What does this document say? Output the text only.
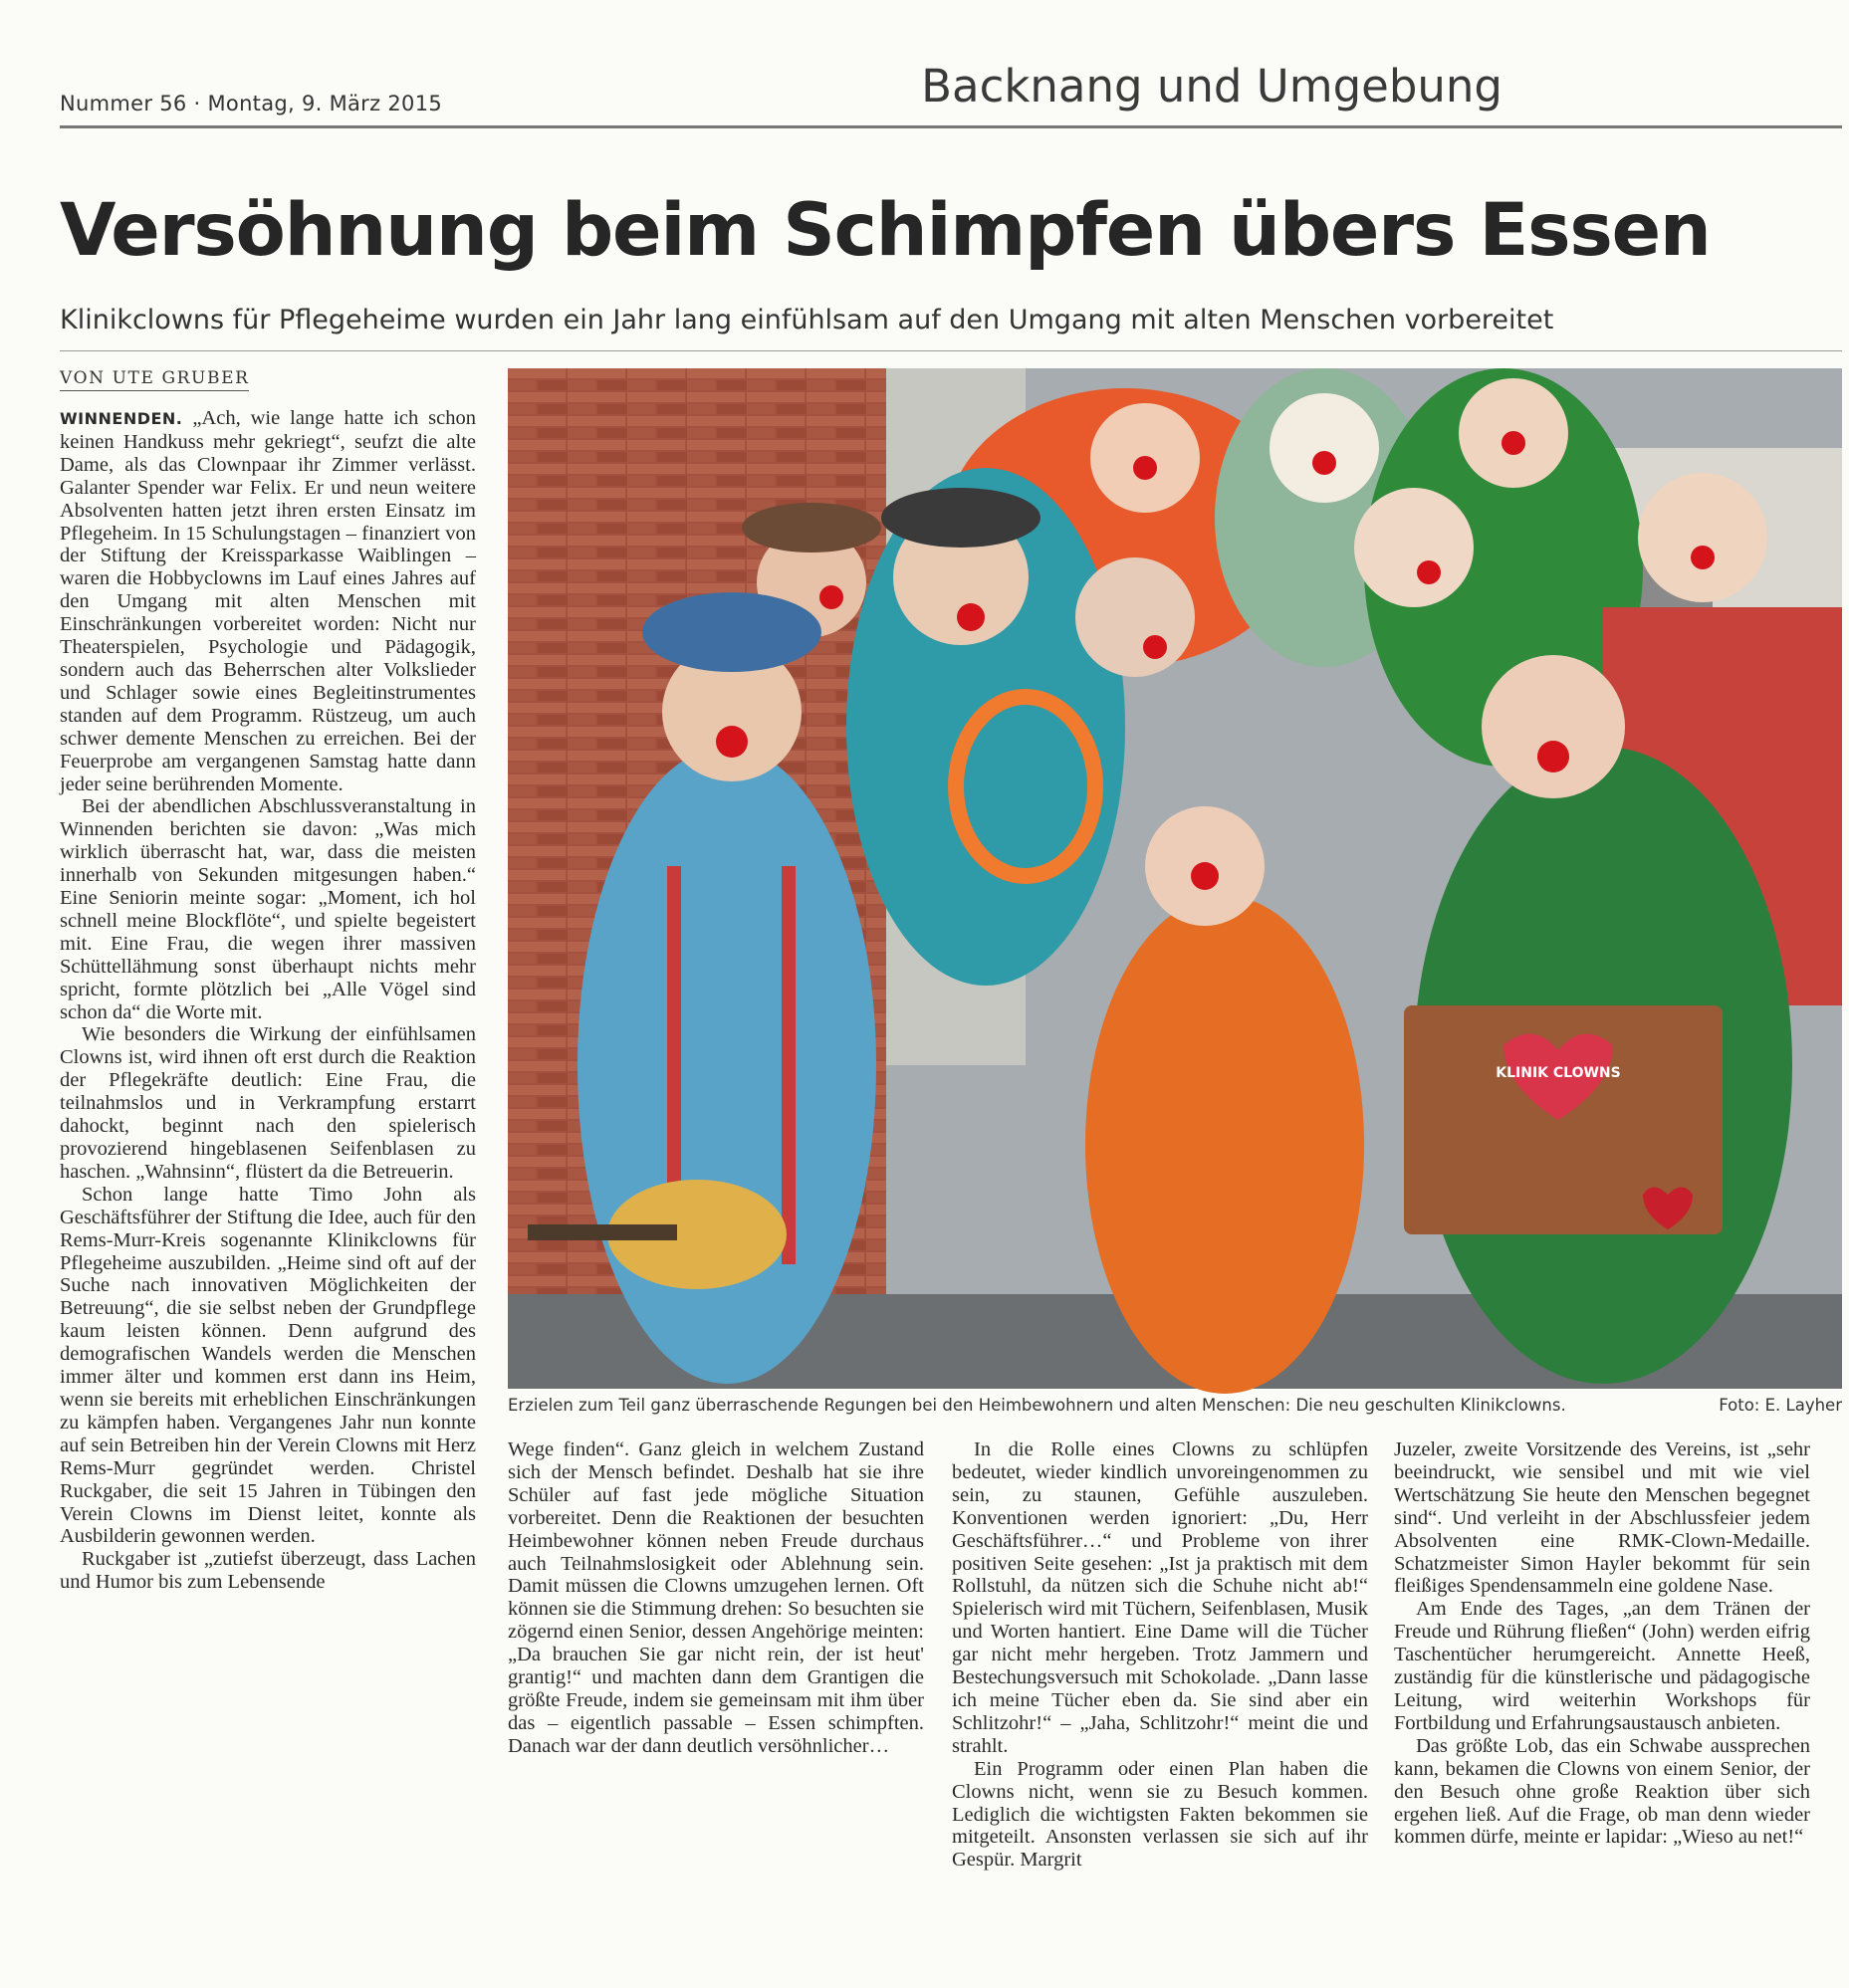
Nummer 56 · Montag, 9. März 2015	Backnang und Umgebung
Versöhnung beim Schimpfen übers Essen
Klinikclowns für Pflegeheime wurden ein Jahr lang einfühlsam auf den Umgang mit alten Menschen vorbereitet
VON UTE GRUBER

WINNENDEN. „Ach, wie lange hatte ich schon keinen Handkuss mehr gekriegt“, seufzt die alte Dame, als das Clownpaar ihr Zimmer verlässt. Galanter Spender war Felix. Er und neun weitere Absolventen hatten jetzt ihren ersten Einsatz im Pflegeheim. In 15 Schulungstagen – finanziert von der Stiftung der Kreissparkasse Waiblingen – waren die Hobbyclowns im Lauf eines Jahres auf den Umgang mit alten Menschen mit Einschränkungen vorbereitet worden: Nicht nur Theaterspielen, Psychologie und Pädagogik, sondern auch das Beherrschen alter Volkslieder und Schlager sowie eines Begleitinstrumentes standen auf dem Programm. Rüstzeug, um auch schwer demente Menschen zu erreichen. Bei der Feuerprobe am vergangenen Samstag hatte dann jeder seine berührenden Momente.

Bei der abendlichen Abschlussveranstaltung in Winnenden berichten sie davon: „Was mich wirklich überrascht hat, war, dass die meisten innerhalb von Sekunden mitgesungen haben.“ Eine Seniorin meinte sogar: „Moment, ich hol schnell meine Blockflöte“, und spielte begeistert mit. Eine Frau, die wegen ihrer massiven Schüttellähmung sonst überhaupt nichts mehr spricht, formte plötzlich bei „Alle Vögel sind schon da“ die Worte mit.

Wie besonders die Wirkung der einfühlsamen Clowns ist, wird ihnen oft erst durch die Reaktion der Pflegekräfte deutlich: Eine Frau, die teilnahmslos und in Verkrampfung erstarrt dahockt, beginnt nach den spielerisch provozierend hingeblasenen Seifenblasen zu haschen. „Wahnsinn“, flüstert da die Betreuerin.

Schon lange hatte Timo John als Geschäftsführer der Stiftung die Idee, auch für den Rems-Murr-Kreis sogenannte Klinikclowns für Pflegeheime auszubilden. „Heime sind oft auf der Suche nach innovativen Möglichkeiten der Betreuung“, die sie selbst neben der Grundpflege kaum leisten können. Denn aufgrund des demografischen Wandels werden die Menschen immer älter und kommen erst dann ins Heim, wenn sie bereits mit erheblichen Einschränkungen zu kämpfen haben. Vergangenes Jahr nun konnte auf sein Betreiben hin der Verein Clowns mit Herz Rems-Murr gegründet werden. Christel Ruckgaber, die seit 15 Jahren in Tübingen den Verein Clowns im Dienst leitet, konnte als Ausbilderin gewonnen werden.

Ruckgaber ist „zutiefst überzeugt, dass Lachen und Humor bis zum Lebensende

KLINIK CLOWNS
Erzielen zum Teil ganz überraschende Regungen bei den Heimbewohnern und alten Menschen: Die neu geschulten Klinikclowns.	Foto: E. Layher

Wege finden“. Ganz gleich in welchem Zustand sich der Mensch befindet. Deshalb hat sie ihre Schüler auf fast jede mögliche Situation vorbereitet. Denn die Reaktionen der besuchten Heimbewohner können neben Freude durchaus auch Teilnahmslosigkeit oder Ablehnung sein. Damit müssen die Clowns umzugehen lernen. Oft können sie die Stimmung drehen: So besuchten sie zögernd einen Senior, dessen Angehörige meinten: „Da brauchen Sie gar nicht rein, der ist heut' grantig!“ und machten dann dem Grantigen die größte Freude, indem sie gemeinsam mit ihm über das – eigentlich passable – Essen schimpften. Danach war der dann deutlich versöhnlicher…

In die Rolle eines Clowns zu schlüpfen bedeutet, wieder kindlich unvoreingenommen zu sein, zu staunen, Gefühle auszuleben. Konventionen werden ignoriert: „Du, Herr Geschäftsführer…“ und Probleme von ihrer positiven Seite gesehen: „Ist ja praktisch mit dem Rollstuhl, da nützen sich die Schuhe nicht ab!“ Spielerisch wird mit Tüchern, Seifenblasen, Musik und Worten hantiert. Eine Dame will die Tücher gar nicht mehr hergeben. Trotz Jammern und Bestechungsversuch mit Schokolade. „Dann lasse ich meine Tücher eben da. Sie sind aber ein Schlitzohr!“ – „Jaha, Schlitzohr!“ meint die und strahlt.

Ein Programm oder einen Plan haben die Clowns nicht, wenn sie zu Besuch kommen. Lediglich die wichtigsten Fakten bekommen sie mitgeteilt. Ansonsten verlassen sie sich auf ihr Gespür. Margrit

Juzeler, zweite Vorsitzende des Vereins, ist „sehr beeindruckt, wie sensibel und mit wie viel Wertschätzung Sie heute den Menschen begegnet sind“. Und verleiht in der Abschlussfeier jedem Absolventen eine RMK-Clown-Medaille. Schatzmeister Simon Hayler bekommt für sein fleißiges Spendensammeln eine goldene Nase.

Am Ende des Tages, „an dem Tränen der Freude und Rührung fließen“ (John) werden eifrig Taschentücher herumgereicht. Annette Heeß, zuständig für die künstlerische und pädagogische Leitung, wird weiterhin Workshops für Fortbildung und Erfahrungsaustausch anbieten.

Das größte Lob, das ein Schwabe aussprechen kann, bekamen die Clowns von einem Senior, der den Besuch ohne große Reaktion über sich ergehen ließ. Auf die Frage, ob man denn wieder kommen dürfe, meinte er lapidar: „Wieso au net!“
